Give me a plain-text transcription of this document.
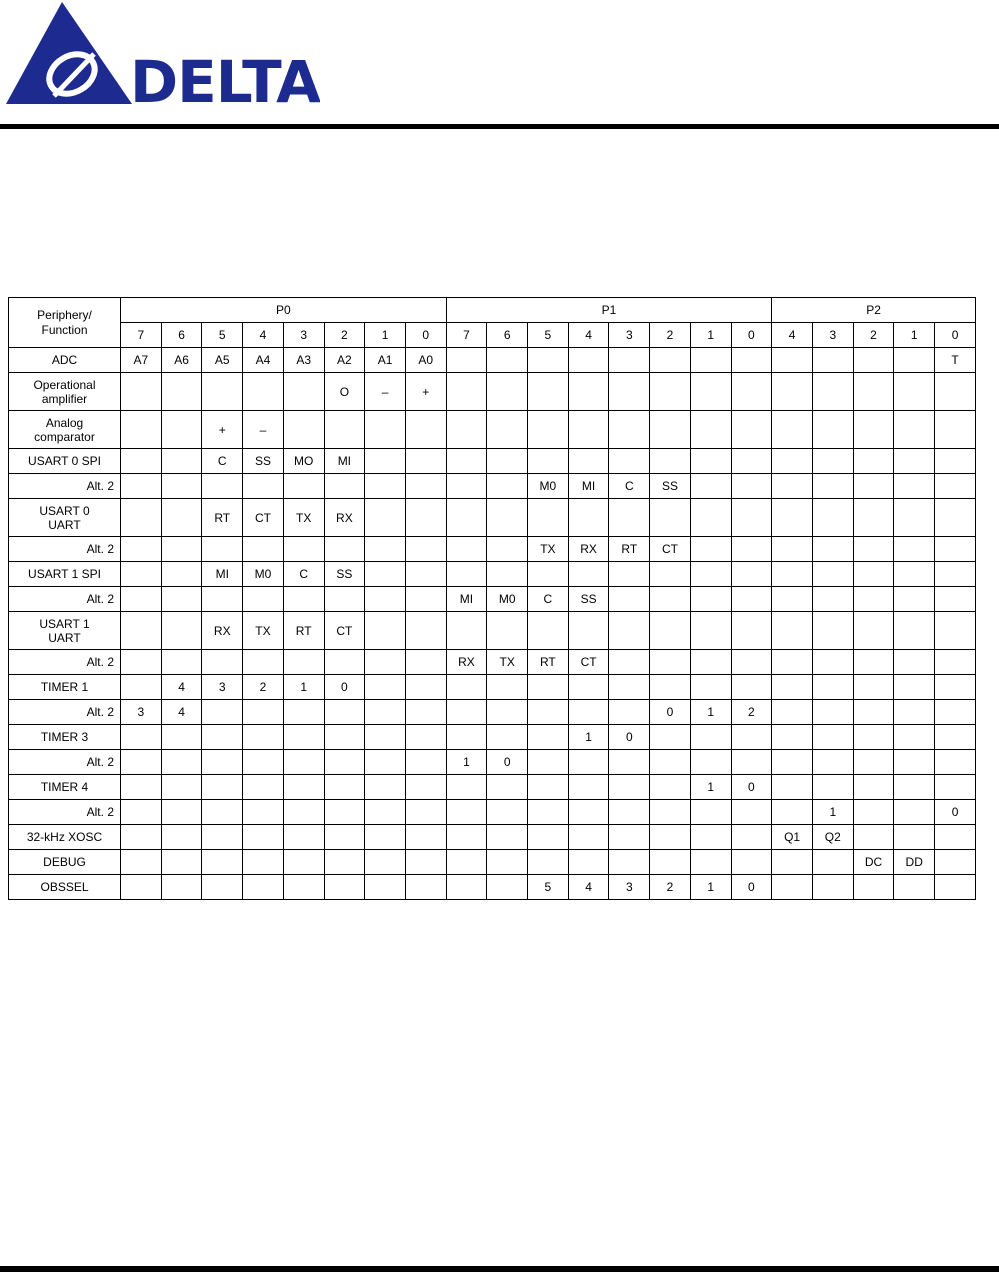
DELTA
Periphery/
Function	P0								P1								P2				
	7	6	5	4	3	2	1	0	7	6	5	4	3	2	1	0	4	3	2	1	0
ADC	A7	A6	A5	A4	A3	A2	A1	A0													T
Operational
amplifier						O	–	+													
Analog
comparator			+	–																	
USART 0 SPI			C	SS	MO	MI															
Alt. 2											M0	MI	C	SS							
USART 0
UART			RT	CT	TX	RX															
Alt. 2											TX	RX	RT	CT							
USART 1 SPI			MI	M0	C	SS															
Alt. 2									MI	M0	C	SS									
USART 1
UART			RX	TX	RT	CT															
Alt. 2									RX	TX	RT	CT									
TIMER 1		4	3	2	1	0															
Alt. 2	3	4												0	1	2					
TIMER 3												1	0								
Alt. 2									1	0											
TIMER 4															1	0					
Alt. 2																		1			0
32-kHz XOSC																	Q1	Q2			
DEBUG																			DC	DD	
OBSSEL											5	4	3	2	1	0					
